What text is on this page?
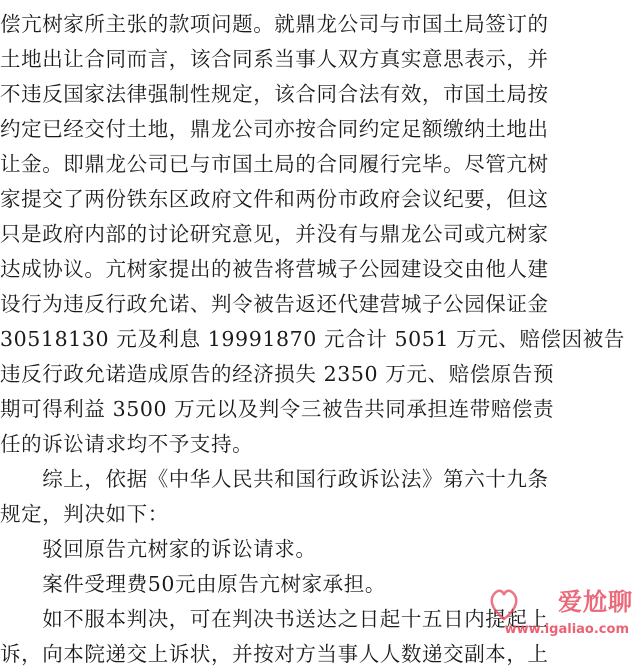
偿亢树家所主张的款项问题。就鼎龙公司与市国土局签订的
土地出让合同而言，该合同系当事人双方真实意思表示，并
不违反国家法律强制性规定，该合同合法有效，市国土局按
约定已经交付土地，鼎龙公司亦按合同约定足额缴纳土地出
让金。即鼎龙公司已与市国土局的合同履行完毕。尽管亢树
家提交了两份铁东区政府文件和两份市政府会议纪要，但这
只是政府内部的讨论研究意见，并没有与鼎龙公司或亢树家
达成协议。亢树家提出的被告将营城子公园建设交由他人建
设行为违反行政允诺、判令被告返还代建营城子公园保证金
30518130 元及利息 19991870 元合计 5051 万元、赔偿因被告
违反行政允诺造成原告的经济损失 2350 万元、赔偿原告预
期可得利益 3500 万元以及判令三被告共同承担连带赔偿责
任的诉讼请求均不予支持。
　　综上，依据《中华人民共和国行政诉讼法》第六十九条
规定，判决如下：
　　驳回原告亢树家的诉讼请求。
　　案件受理费50元由原告亢树家承担。
　　如不服本判决，可在判决书送达之日起十五日内提起上
诉，向本院递交上诉状，并按对方当事人人数递交副本，上
爱尬聊
www.igaliao.com
